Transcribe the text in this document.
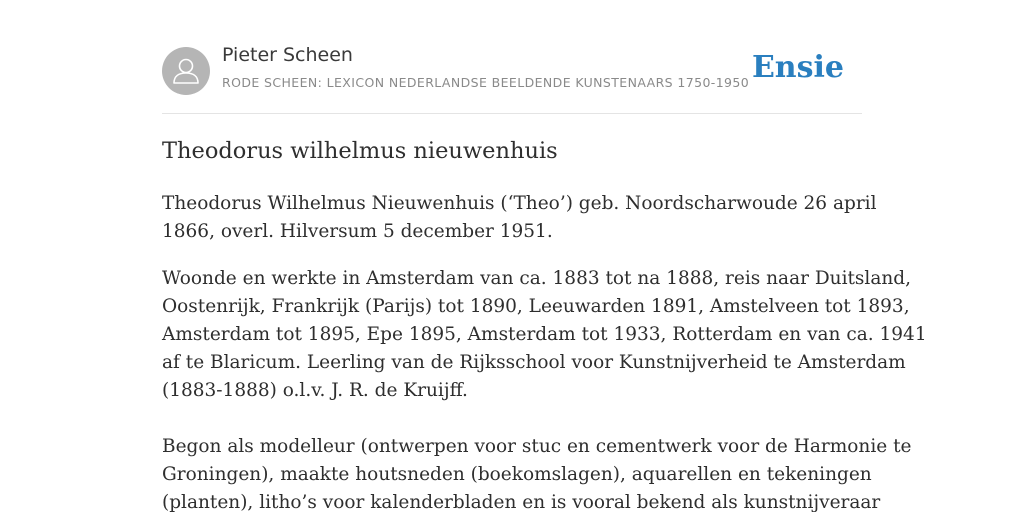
Pieter Scheen
RODE SCHEEN: LEXICON NEDERLANDSE BEELDENDE KUNSTENAARS 1750-1950 Ensie
Theodorus wilhelmus nieuwenhuis

Theodorus Wilhelmus Nieuwenhuis (‘Theo’) geb. Noordscharwoude 26 april
1866, overl. Hilversum 5 december 1951.

Woonde en werkte in Amsterdam van ca. 1883 tot na 1888, reis naar Duitsland,
Oostenrijk, Frankrijk (Parijs) tot 1890, Leeuwarden 1891, Amstelveen tot 1893,
Amsterdam tot 1895, Epe 1895, Amsterdam tot 1933, Rotterdam en van ca. 1941
af te Blaricum. Leerling van de Rijksschool voor Kunstnijverheid te Amsterdam
(1883-1888) o.l.v. J. R. de Kruijff.

Begon als modelleur (ontwerpen voor stuc en cementwerk voor de Harmonie te
Groningen), maakte houtsneden (boekomslagen), aquarellen en tekeningen
(planten), litho’s voor kalenderbladen en is vooral bekend als kunstnijveraar
